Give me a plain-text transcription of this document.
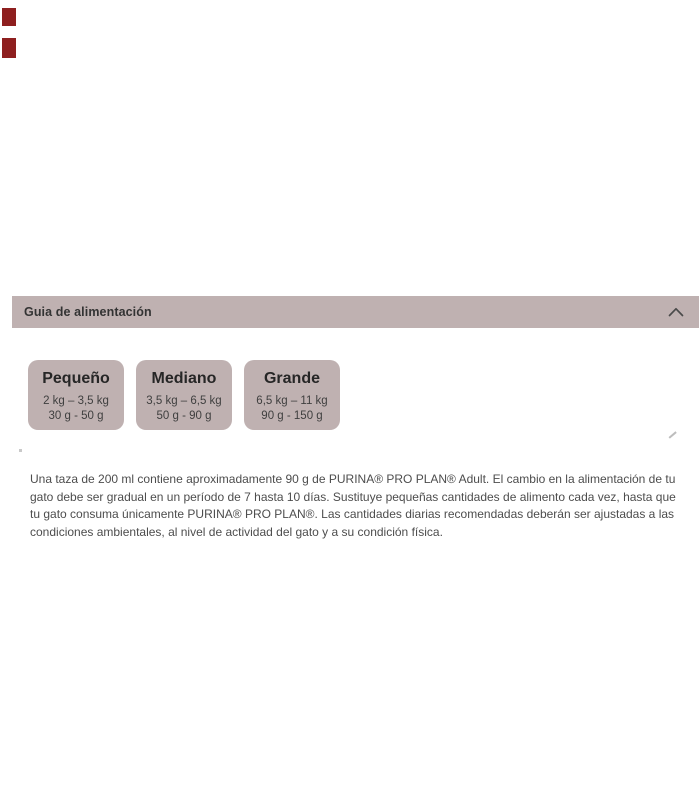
Guia de alimentación
Pequeño
2 kg – 3,5 kg
30 g - 50 g
Mediano
3,5 kg – 6,5 kg
50 g - 90 g
Grande
6,5 kg – 11 kg
90 g - 150 g

Una taza de 200 ml contiene aproximadamente 90 g de PURINA® PRO PLAN® Adult. El cambio en la alimentación de tu gato debe ser gradual en un período de 7 hasta 10 días. Sustituye pequeñas cantidades de alimento cada vez, hasta que tu gato consuma únicamente PURINA® PRO PLAN®. Las cantidades diarias recomendadas deberán ser ajustadas a las condiciones ambientales, al nivel de actividad del gato y a su condición física.
